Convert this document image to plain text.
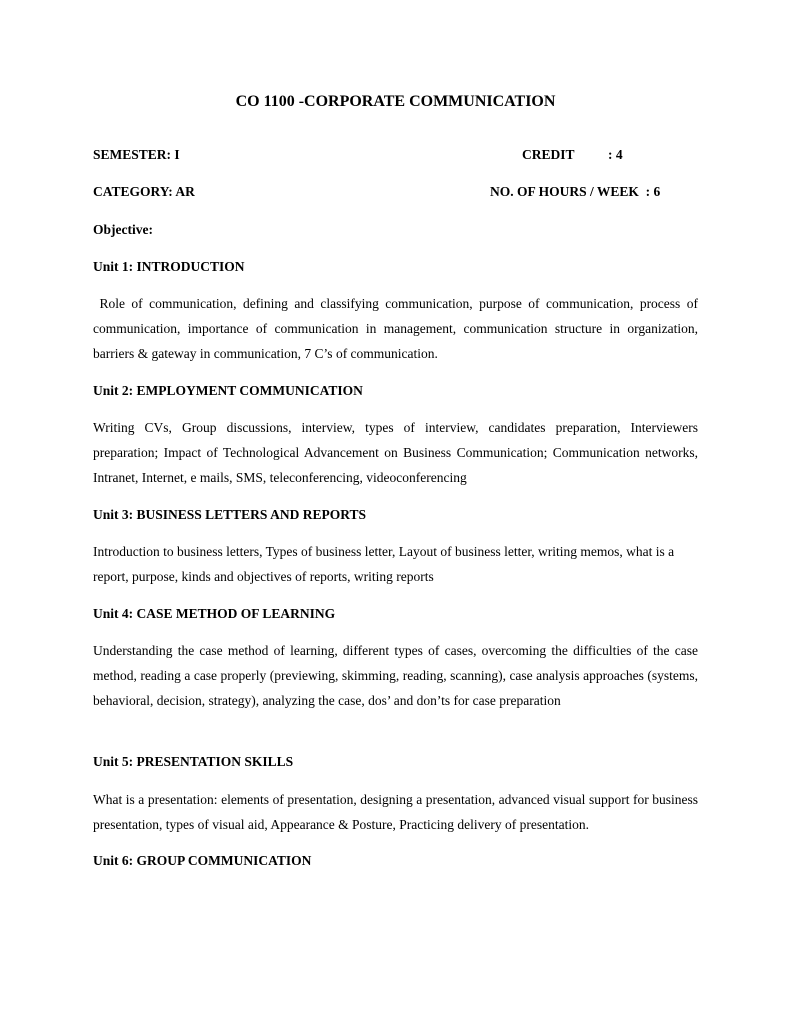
CO 1100 -CORPORATE COMMUNICATION
SEMESTER: I	CREDIT : 4
CATEGORY: AR	NO. OF HOURS / WEEK  : 6
Objective:
Unit 1: INTRODUCTION
Role of communication, defining and classifying communication, purpose of communication, process of communication, importance of communication in management, communication structure in organization, barriers & gateway in communication, 7 C’s of communication.
Unit 2: EMPLOYMENT COMMUNICATION
Writing CVs, Group discussions, interview, types of interview, candidates preparation, Interviewers preparation; Impact of Technological Advancement on Business Communication; Communication networks, Intranet, Internet, e mails, SMS, teleconferencing, videoconferencing
Unit 3: BUSINESS LETTERS AND REPORTS
Introduction to business letters, Types of business letter, Layout of business letter, writing memos, what is a report, purpose, kinds and objectives of reports, writing reports
Unit 4: CASE METHOD OF LEARNING
Understanding the case method of learning, different types of cases, overcoming the difficulties of the case method, reading a case properly (previewing, skimming, reading, scanning), case analysis approaches (systems, behavioral, decision, strategy), analyzing the case, dos’ and don’ts for case preparation
Unit 5: PRESENTATION SKILLS
What is a presentation: elements of presentation, designing a presentation, advanced visual support for business presentation, types of visual aid, Appearance & Posture, Practicing delivery of presentation.
Unit 6: GROUP COMMUNICATION
